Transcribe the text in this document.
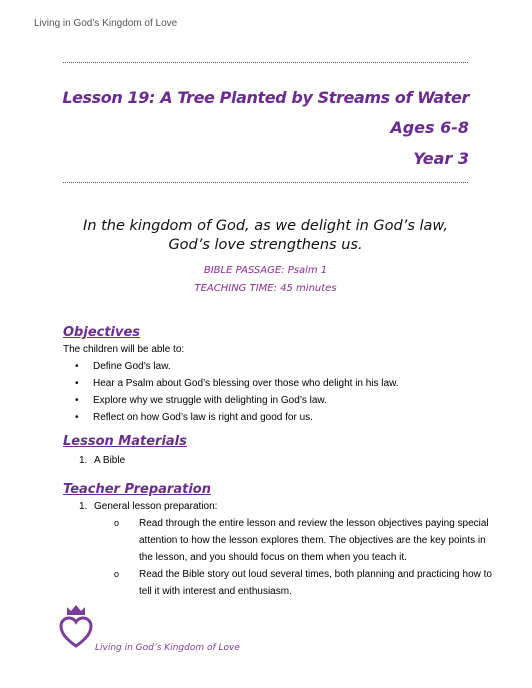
Living in God’s Kingdom of Love
Lesson 19: A Tree Planted by Streams of Water
Ages 6-8
Year 3
In the kingdom of God, as we delight in God’s law,
God’s love strengthens us.
BIBLE PASSAGE: Psalm 1
TEACHING TIME: 45 minutes
Objectives
The children will be able to:
• Define God’s law.
• Hear a Psalm about God’s blessing over those who delight in his law.
• Explore why we struggle with delighting in God’s law.
• Reflect on how God’s law is right and good for us.
Lesson Materials
1. A Bible
Teacher Preparation
1. General lesson preparation:
o Read through the entire lesson and review the lesson objectives paying special
attention to how the lesson explores them. The objectives are the key points in
the lesson, and you should focus on them when you teach it.
o Read the Bible story out loud several times, both planning and practicing how to
tell it with interest and enthusiasm.
Living in God’s Kingdom of Love
